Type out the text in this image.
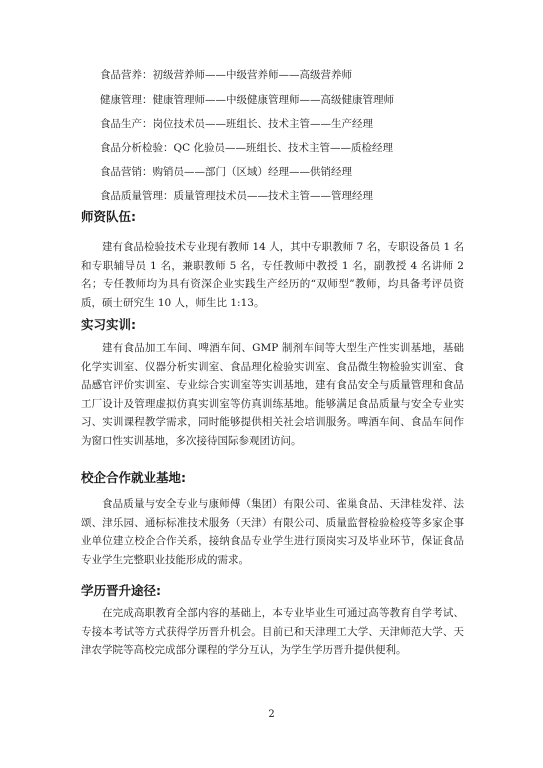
食品营养：初级营养师——中级营养师——高级营养师
健康管理：健康管理师——中级健康管理师——高级健康管理师
食品生产：岗位技术员——班组长、技术主管——生产经理
食品分析检验：QC 化验员——班组长、技术主管——质检经理
食品营销：购销员——部门（区域）经理——供销经理
食品质量管理：质量管理技术员——技术主管——管理经理
师资队伍:

建有食品检验技术专业现有教师 14 人，其中专职教师 7 名，专职设备员 1 名和专职辅导员 1 名，兼职教师 5 名，专任教师中教授 1 名，副教授 4 名讲师 2 名；专任教师均为具有资深企业实践生产经历的“双师型”教师，均具备考评员资质，硕士研究生 10 人，师生比 1:13。

实习实训:

建有食品加工车间、啤酒车间、GMP 制剂车间等大型生产性实训基地，基础化学实训室、仪器分析实训室、食品理化检验实训室、食品微生物检验实训室、食品感官评价实训室、专业综合实训室等实训基地，建有食品安全与质量管理和食品工厂设计及管理虚拟仿真实训室等仿真训练基地。能够满足食品质量与安全专业实习、实训课程教学需求，同时能够提供相关社会培训服务。啤酒车间、食品车间作为窗口性实训基地，多次接待国际参观团访问。

校企合作就业基地:

食品质量与安全专业与康师傅（集团）有限公司、雀巢食品、天津桂发祥、法颂、津乐园、通标标准技术服务（天津）有限公司、质量监督检验检疫等多家企事业单位建立校企合作关系，接纳食品专业学生进行顶岗实习及毕业环节，保证食品专业学生完整职业技能形成的需求。

学历晋升途径:

在完成高职教育全部内容的基础上，本专业毕业生可通过高等教育自学考试、专接本考试等方式获得学历晋升机会。目前已和天津理工大学、天津师范大学、天津农学院等高校完成部分课程的学分互认，为学生学历晋升提供便利。

2
